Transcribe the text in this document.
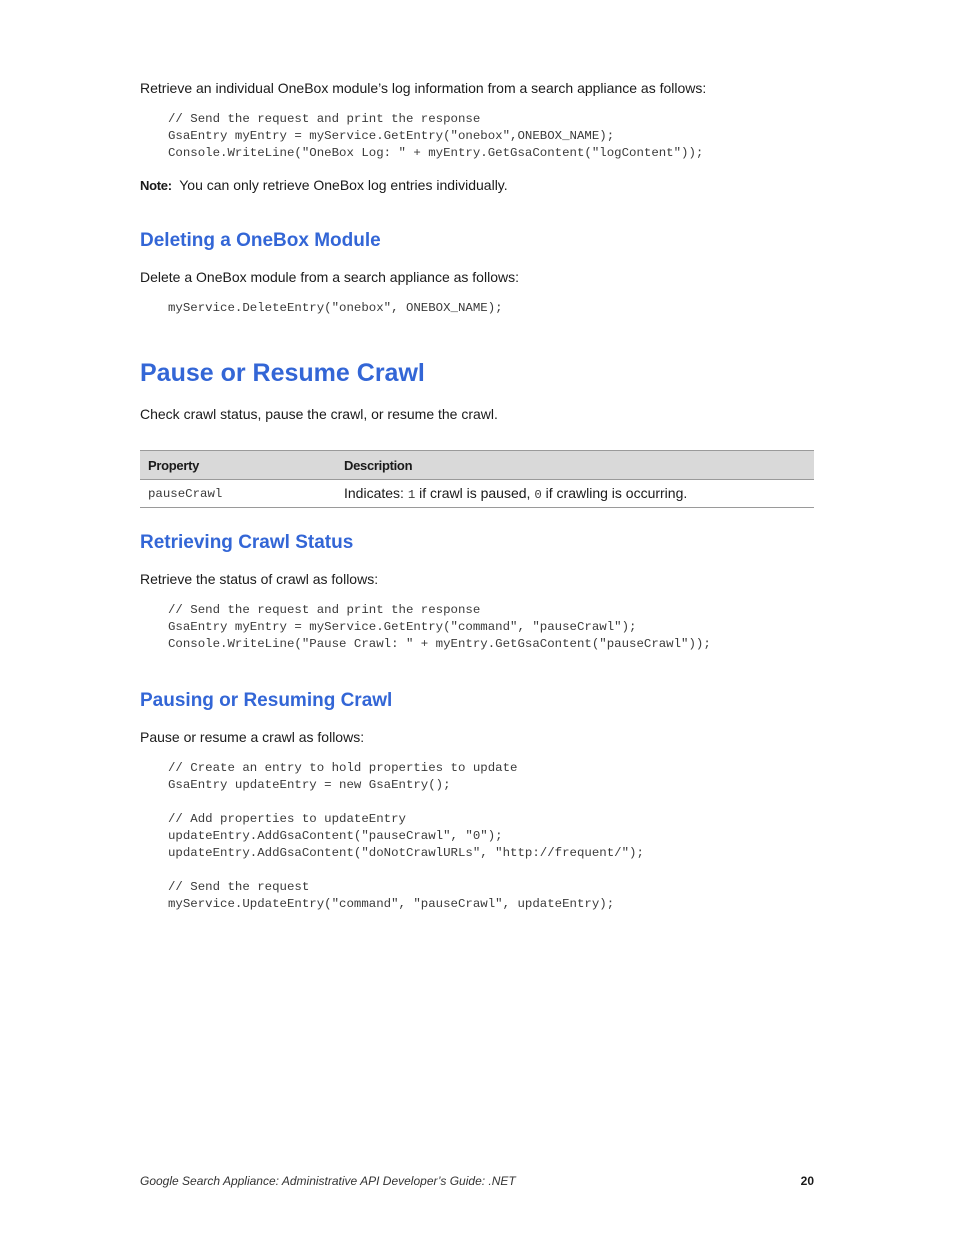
Retrieve an individual OneBox module’s log information from a search appliance as follows:
// Send the request and print the response
GsaEntry myEntry = myService.GetEntry("onebox",ONEBOX_NAME);
Console.WriteLine("OneBox Log: " + myEntry.GetGsaContent("logContent"));
Note: You can only retrieve OneBox log entries individually.
Deleting a OneBox Module
Delete a OneBox module from a search appliance as follows:
myService.DeleteEntry("onebox", ONEBOX_NAME);
Pause or Resume Crawl
Check crawl status, pause the crawl, or resume the crawl.
Property	Description
pauseCrawl	Indicates: 1 if crawl is paused, 0 if crawling is occurring.
Retrieving Crawl Status
Retrieve the status of crawl as follows:
// Send the request and print the response
GsaEntry myEntry = myService.GetEntry("command", "pauseCrawl");
Console.WriteLine("Pause Crawl: " + myEntry.GetGsaContent("pauseCrawl"));
Pausing or Resuming Crawl
Pause or resume a crawl as follows:
// Create an entry to hold properties to update
GsaEntry updateEntry = new GsaEntry();

// Add properties to updateEntry
updateEntry.AddGsaContent("pauseCrawl", "0");
updateEntry.AddGsaContent("doNotCrawlURLs", "http://frequent/");

// Send the request
myService.UpdateEntry("command", "pauseCrawl", updateEntry);
Google Search Appliance: Administrative API Developer’s Guide: .NET	20
